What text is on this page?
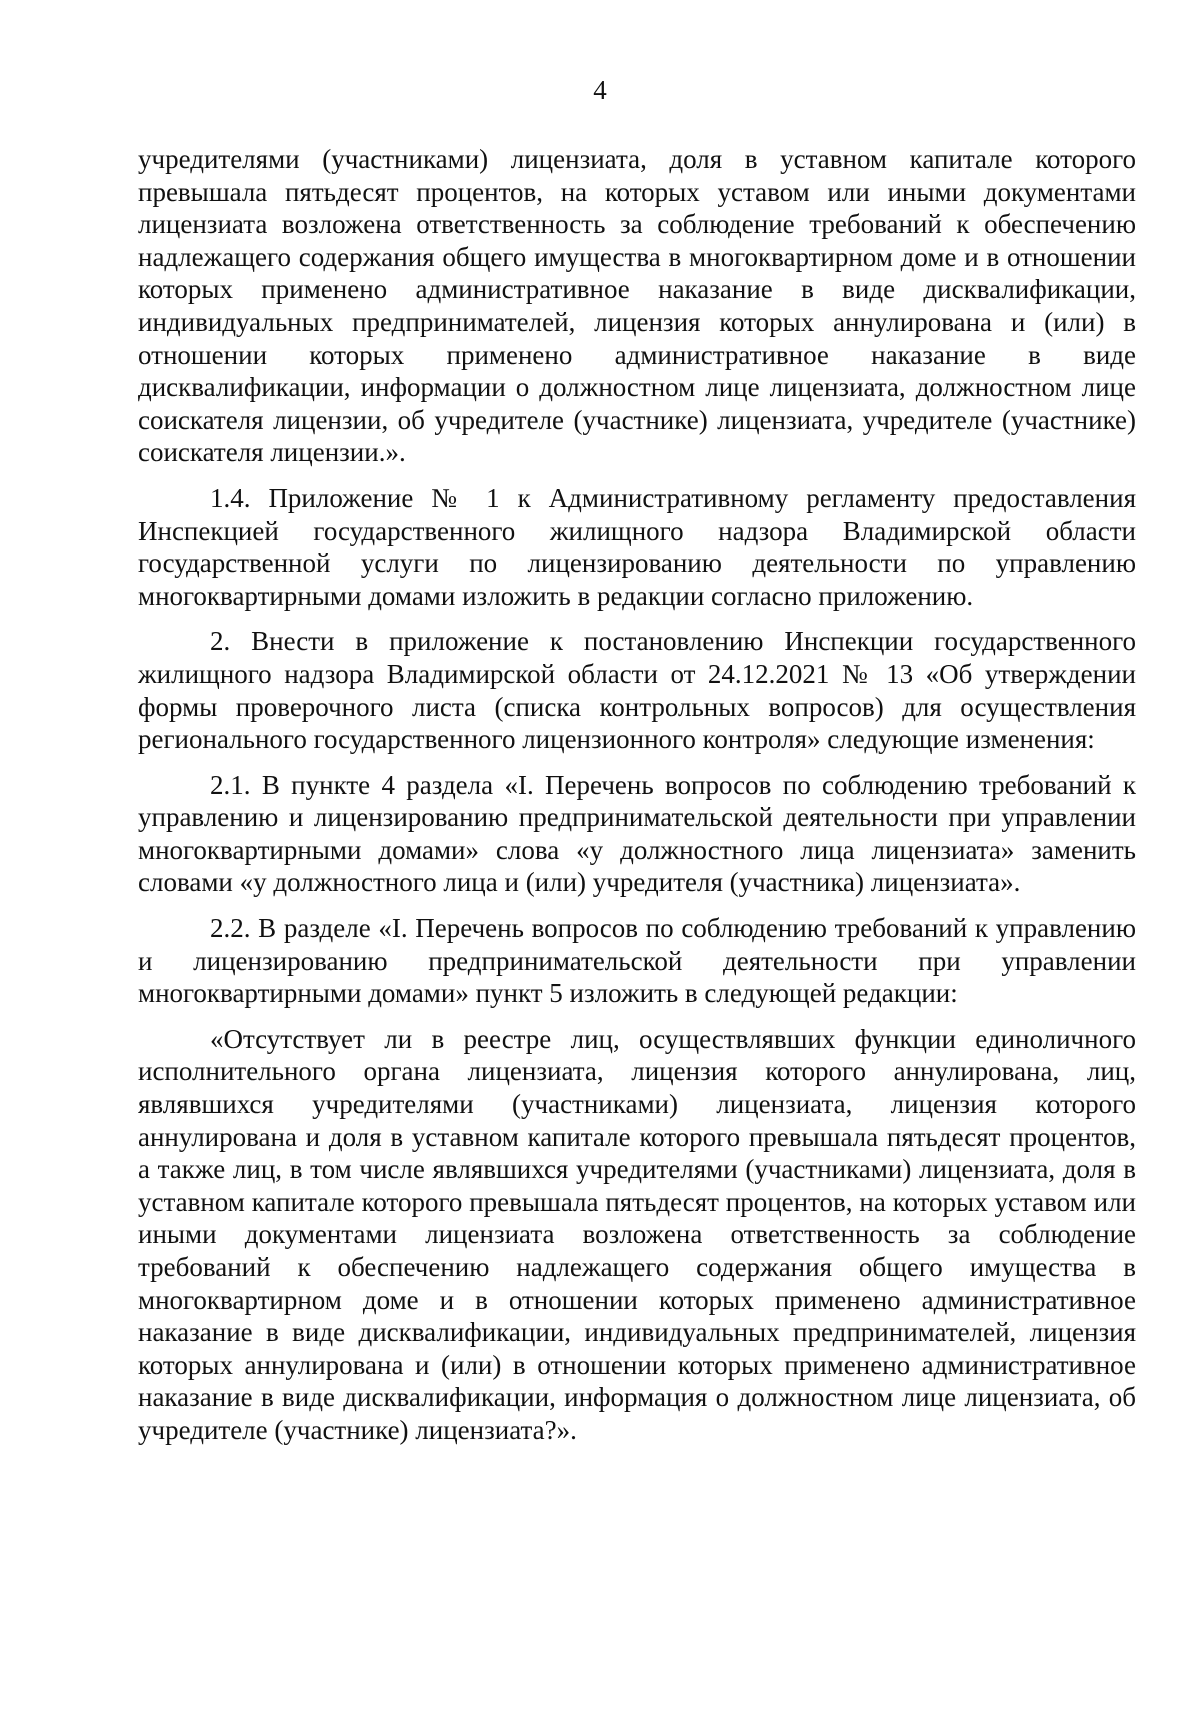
4

учредителями (участниками) лицензиата, доля в уставном капитале которого превышала пятьдесят процентов, на которых уставом или иными документами лицензиата возложена ответственность за соблюдение требований к обеспечению надлежащего содержания общего имущества в многоквартирном доме и в отношении которых применено административное наказание в виде дисквалификации, индивидуальных предпринимателей, лицензия которых аннулирована и (или) в отношении которых применено административное наказание в виде дисквалификации, информации о должностном лице лицензиата, должностном лице соискателя лицензии, об учредителе (участнике) лицензиата, учредителе (участнике) соискателя лицензии.».

1.4. Приложение № 1 к Административному регламенту предоставления Инспекцией государственного жилищного надзора Владимирской области государственной услуги по лицензированию деятельности по управлению многоквартирными домами изложить в редакции согласно приложению.

2. Внести в приложение к постановлению Инспекции государственного жилищного надзора Владимирской области от 24.12.2021 № 13 «Об утверждении формы проверочного листа (списка контрольных вопросов) для осуществления регионального государственного лицензионного контроля» следующие изменения:

2.1. В пункте 4 раздела «I. Перечень вопросов по соблюдению требований к управлению и лицензированию предпринимательской деятельности при управлении многоквартирными домами» слова «у должностного лица лицензиата» заменить словами «у должностного лица и (или) учредителя (участника) лицензиата».

2.2. В разделе «I. Перечень вопросов по соблюдению требований к управлению и лицензированию предпринимательской деятельности при управлении многоквартирными домами» пункт 5 изложить в следующей редакции:

«Отсутствует ли в реестре лиц, осуществлявших функции единоличного исполнительного органа лицензиата, лицензия которого аннулирована, лиц, являвшихся учредителями (участниками) лицензиата, лицензия которого аннулирована и доля в уставном капитале которого превышала пятьдесят процентов, а также лиц, в том числе являвшихся учредителями (участниками) лицензиата, доля в уставном капитале которого превышала пятьдесят процентов, на которых уставом или иными документами лицензиата возложена ответственность за соблюдение требований к обеспечению надлежащего содержания общего имущества в многоквартирном доме и в отношении которых применено административное наказание в виде дисквалификации, индивидуальных предпринимателей, лицензия которых аннулирована и (или) в отношении которых применено административное наказание в виде дисквалификации, информация о должностном лице лицензиата, об учредителе (участнике) лицензиата?».
